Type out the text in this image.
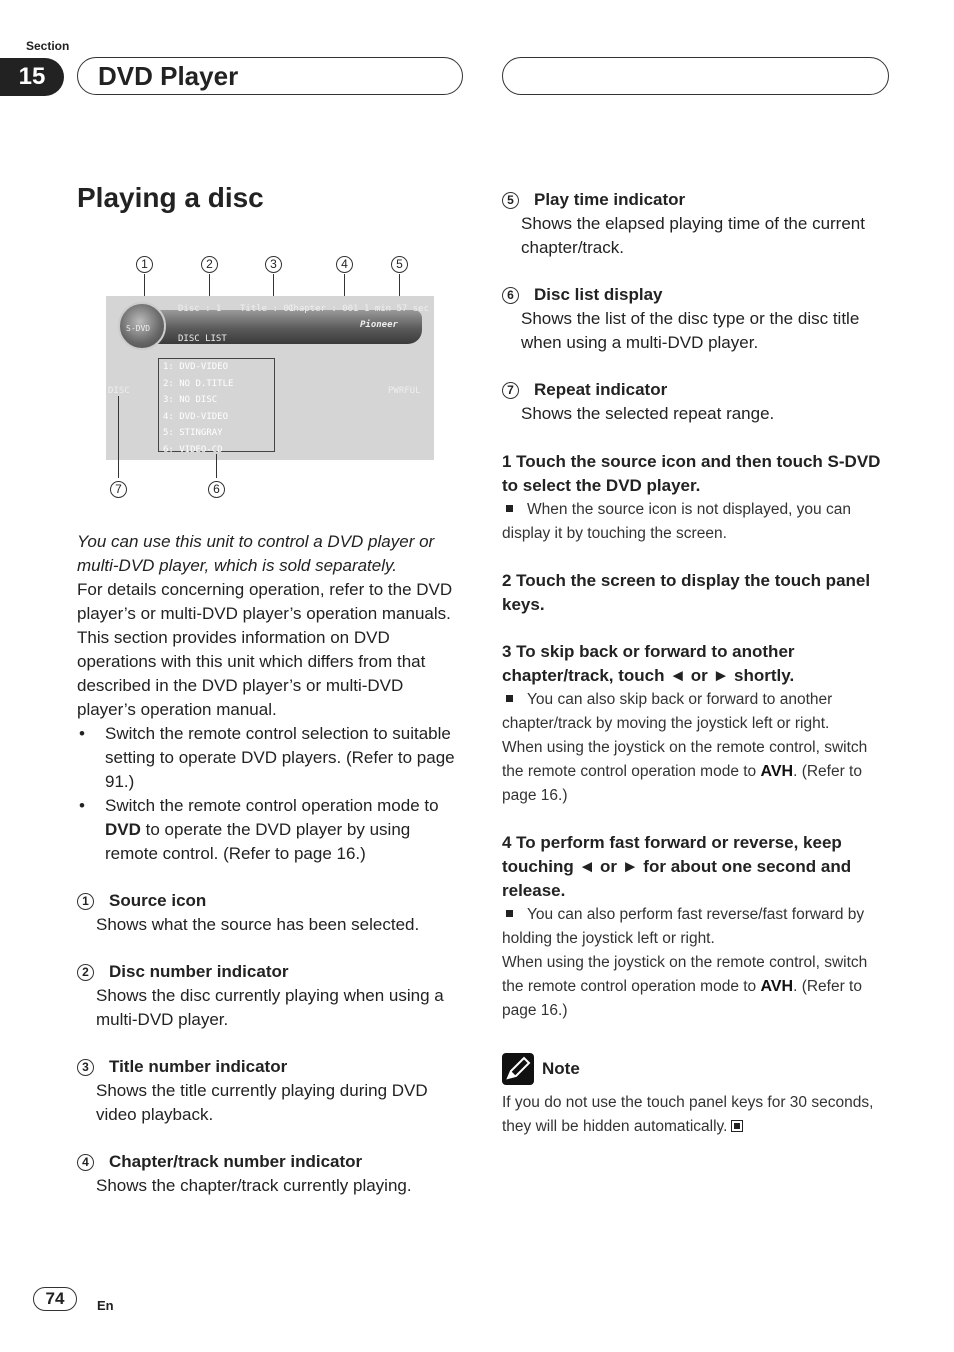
Section
15	DVD Player
Playing a disc
1	2	3	4	5
S-DVD
Disc : 1 Title : 01
Chapter : 001 1 min 57 sec
Pioneer
DISC LIST
DISC	PWRFUL
1: DVD-VIDEO
2: NO D.TITLE
3: NO DISC
4: DVD-VIDEO
5: STINGRAY
6: VIDEO-CD
7	6

You can use this unit to control a DVD player or multi-DVD player, which is sold separately.

For details concerning operation, refer to the DVD player’s or multi-DVD player’s operation manuals. This section provides information on DVD operations with this unit which differs from that described in the DVD player’s or multi-DVD player’s operation manual.

•	Switch the remote control selection to suitable setting to operate DVD players. (Refer to page 91.)
•	Switch the remote control operation mode to DVD to operate the DVD player by using remote control. (Refer to page 16.)
1	Source icon
Shows what the source has been selected.
2	Disc number indicator
Shows the disc currently playing when using a multi-DVD player.
3	Title number indicator
Shows the title currently playing during DVD video playback.
4	Chapter/track number indicator
Shows the chapter/track currently playing.
5	Play time indicator
Shows the elapsed playing time of the current chapter/track.
6	Disc list display
Shows the list of the disc type or the disc title when using a multi-DVD player.
7	Repeat indicator
Shows the selected repeat range.
1 Touch the source icon and then touch S-DVD to select the DVD player.
When the source icon is not displayed, you can display it by touching the screen.
2 Touch the screen to display the touch panel keys.
3 To skip back or forward to another chapter/track, touch ◄ or ► shortly.
You can also skip back or forward to another chapter/track by moving the joystick left or right.
When using the joystick on the remote control, switch the remote control operation mode to AVH. (Refer to page 16.)
4 To perform fast forward or reverse, keep touching ◄ or ► for about one second and release.
You can also perform fast reverse/fast forward by holding the joystick left or right.
When using the joystick on the remote control, switch the remote control operation mode to AVH. (Refer to page 16.)
Note
If you do not use the touch panel keys for 30 seconds, they will be hidden automatically.
74	En
